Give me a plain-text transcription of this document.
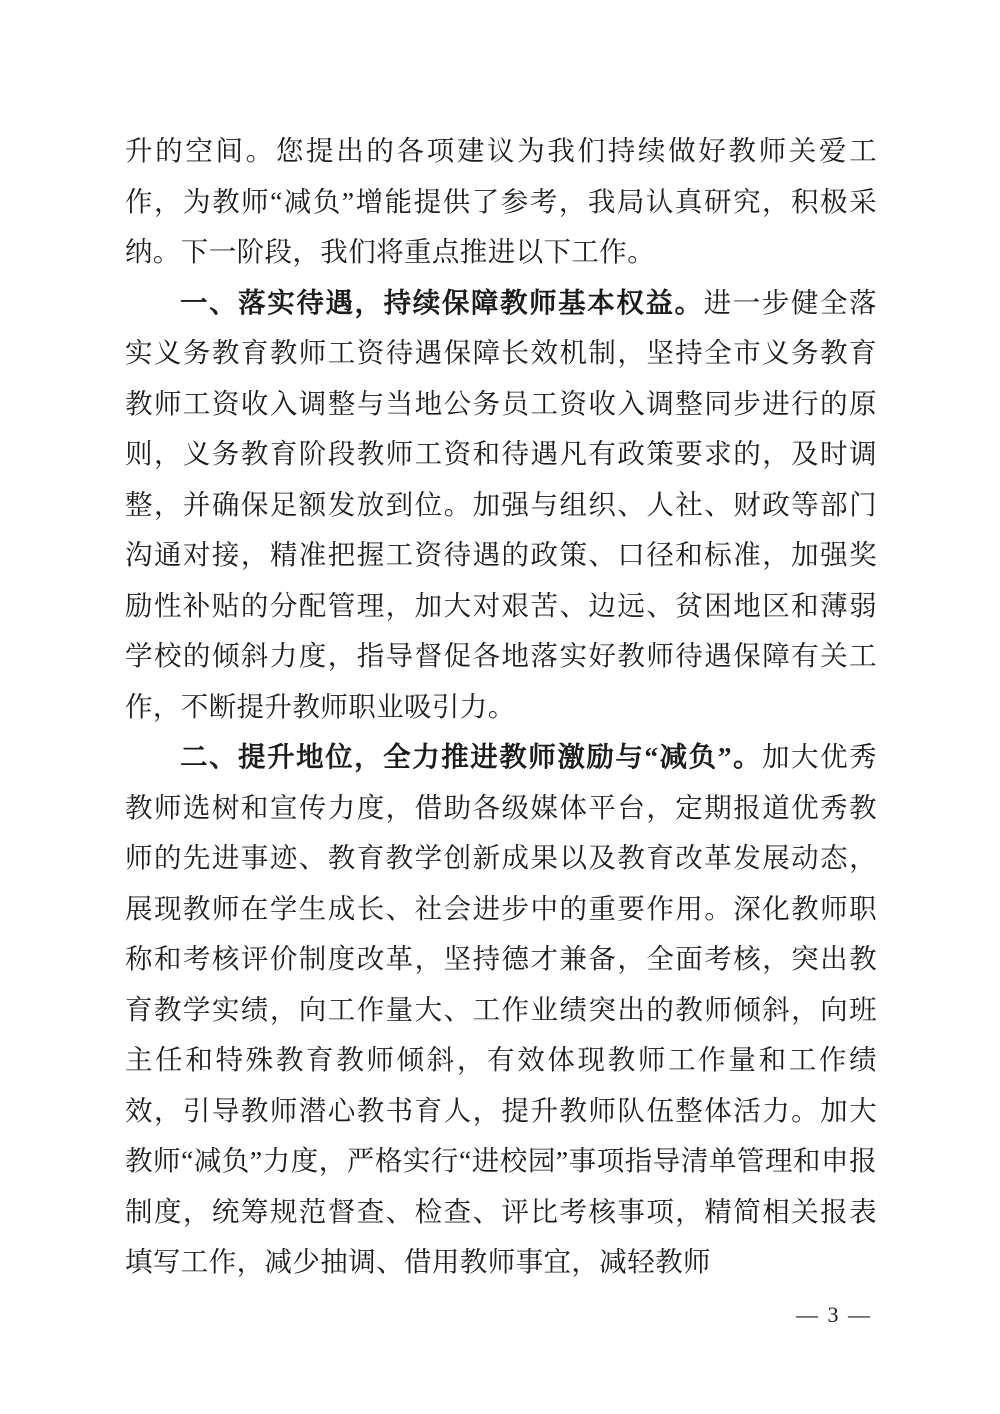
升的空间。您提出的各项建议为我们持续做好教师关爱工作，为教师“减负”增能提供了参考，我局认真研究，积极采纳。下一阶段，我们将重点推进以下工作。

一、落实待遇，持续保障教师基本权益。进一步健全落实义务教育教师工资待遇保障长效机制，坚持全市义务教育教师工资收入调整与当地公务员工资收入调整同步进行的原则，义务教育阶段教师工资和待遇凡有政策要求的，及时调整，并确保足额发放到位。加强与组织、人社、财政等部门沟通对接，精准把握工资待遇的政策、口径和标准，加强奖励性补贴的分配管理，加大对艰苦、边远、贫困地区和薄弱学校的倾斜力度，指导督促各地落实好教师待遇保障有关工作，不断提升教师职业吸引力。

二、提升地位，全力推进教师激励与“减负”。加大优秀教师选树和宣传力度，借助各级媒体平台，定期报道优秀教师的先进事迹、教育教学创新成果以及教育改革发展动态，展现教师在学生成长、社会进步中的重要作用。深化教师职称和考核评价制度改革，坚持德才兼备，全面考核，突出教育教学实绩，向工作量大、工作业绩突出的教师倾斜，向班主任和特殊教育教师倾斜，有效体现教师工作量和工作绩效，引导教师潜心教书育人，提升教师队伍整体活力。加大教师“减负”力度，严格实行“进校园”事项指导清单管理和申报制度，统筹规范督查、检查、评比考核事项，精简相关报表填写工作，减少抽调、借用教师事宜，减轻教师

— 3 —
